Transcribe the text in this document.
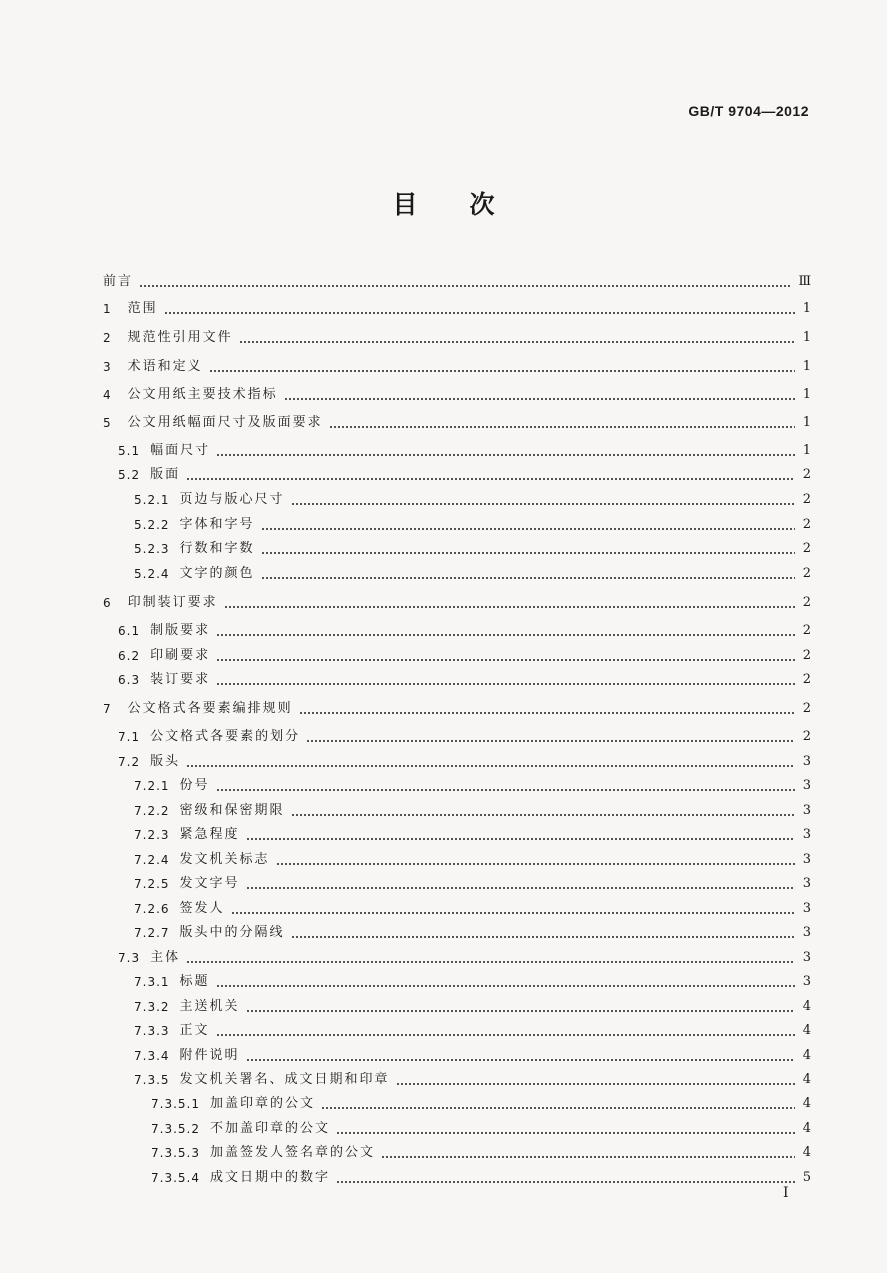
GB/T 9704—2012
目 次
前言	Ⅲ
1 范围	1
2 规范性引用文件	1
3 术语和定义	1
4 公文用纸主要技术指标	1
5 公文用纸幅面尺寸及版面要求	1
5.1 幅面尺寸	1
5.2 版面	2
5.2.1 页边与版心尺寸	2
5.2.2 字体和字号	2
5.2.3 行数和字数	2
5.2.4 文字的颜色	2
6 印制装订要求	2
6.1 制版要求	2
6.2 印刷要求	2
6.3 装订要求	2
7 公文格式各要素编排规则	2
7.1 公文格式各要素的划分	2
7.2 版头	3
7.2.1 份号	3
7.2.2 密级和保密期限	3
7.2.3 紧急程度	3
7.2.4 发文机关标志	3
7.2.5 发文字号	3
7.2.6 签发人	3
7.2.7 版头中的分隔线	3
7.3 主体	3
7.3.1 标题	3
7.3.2 主送机关	4
7.3.3 正文	4
7.3.4 附件说明	4
7.3.5 发文机关署名、成文日期和印章	4
7.3.5.1 加盖印章的公文	4
7.3.5.2 不加盖印章的公文	4
7.3.5.3 加盖签发人签名章的公文	4
7.3.5.4 成文日期中的数字	5
I
